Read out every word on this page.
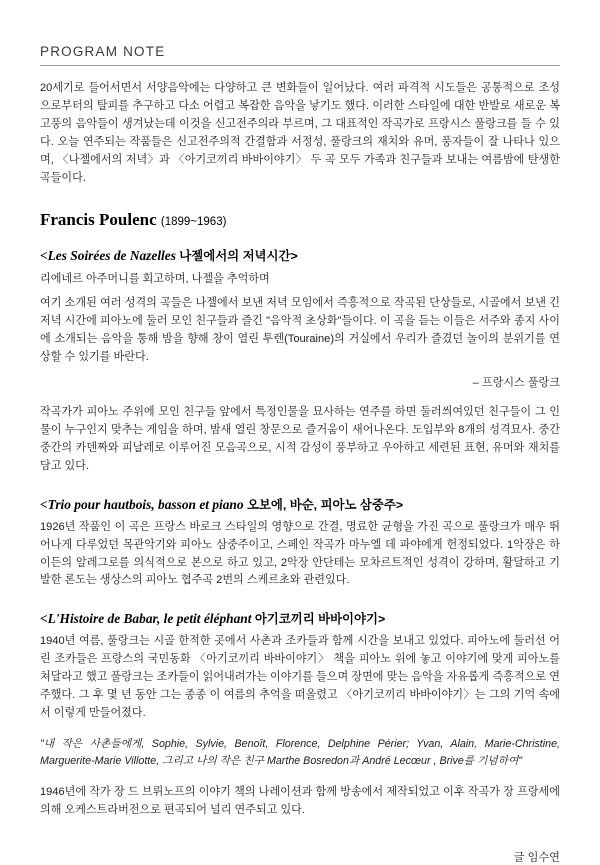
PROGRAM NOTE

20세기로 들어서면서 서양음악에는 다양하고 큰 변화들이 일어났다. 여러 파격적 시도들은 공통적으로 조성으로부터의 탈피를 추구하고 다소 어렵고 복잡한 음악을 낳기도 했다. 이러한 스타일에 대한 반발로 새로운 복고풍의 음악들이 생겨났는데 이것을 신고전주의라 부르며, 그 대표적인 작곡가로 프랑시스 풀랑크를 들 수 있다. 오늘 연주되는 작품들은 신고전주의적 간결함과 서정성, 풀랑크의 재치와 유머, 풍자들이 잘 나타나 있으며, 〈나젤에서의 저녁〉과 〈아기코끼리 바바이야기〉 두 곡 모두 가족과 친구들과 보내는 여름밤에 탄생한 곡들이다.

Francis Poulenc (1899~1963)
<Les Soirées de Nazelles 나젤에서의 저녁시간>
리에네르 아주머니를 회고하며, 나젤을 추억하며

여기 소개된 여러 성격의 곡들은 나젤에서 보낸 저녁 모임에서 즉흥적으로 작곡된 단상들로, 시골에서 보낸 긴 저녁 시간에 피아노에 둘러 모인 친구들과 즐긴 "음악적 초상화"들이다. 이 곡을 듣는 이들은 서주와 종지 사이에 소개되는 음악을 통해 밤을 향해 창이 열린 투렌(Touraine)의 거실에서 우리가 즐겼던 놀이의 분위기를 연상할 수 있기를 바란다.

– 프랑시스 풀랑크

작곡가가 피아노 주위에 모인 친구들 앞에서 특정인물을 묘사하는 연주를 하면 둘러씌여있던 친구들이 그 인물이 누구인지 맞추는 게임을 하며, 밤새 열린 창문으로 즐거움이 새어나온다. 도입부와 8개의 성격묘사. 중간중간의 카덴짜와 피날레로 이루어진 모음곡으로, 시적 감성이 풍부하고 우아하고 세련된 표현, 유머와 재치를 담고 있다.

<Trio pour hautbois, basson et piano 오보에, 바순, 피아노 삼중주>

1926년 작품인 이 곡은 프랑스 바로크 스타일의 영향으로 간결, 명료한 균형을 가진 곡으로 풀랑크가 매우 뛰어나게 다루었던 목관악기와 피아노 삼중주이고, 스페인 작곡가 마누엘 데 파야에게 헌정되었다. 1악장은 하이든의 알레그로를 의식적으로 본으로 하고 있고, 2악장 안단테는 모차르트적인 성격이 강하며, 활달하고 기발한 론도는 생상스의 피아노 협주곡 2번의 스케르초와 관련있다.

<L'Histoire de Babar, le petit éléphant 아기코끼리 바바이야기>

1940년 여름, 풀랑크는 시골 한적한 곳에서 사촌과 조카들과 함께 시간을 보내고 있었다. 피아노에 둘러선 어린 조카들은 프랑스의 국민동화 〈아기코끼리 바바이야기〉 책을 피아노 위에 놓고 이야기에 맞게 피아노를 쳐달라고 했고 풀랑크는 조카들이 읽어내려가는 이야기를 들으며 장면에 맞는 음악을 자유롭게 즉흥적으로 연주했다. 그 후 몇 년 동안 그는 종종 이 여름의 추억을 떠올렸고 〈아기코끼리 바바이야기〉는 그의 기억 속에서 이렇게 만들어졌다.

"내 작은 사촌들에게, Sophie, Sylvie, Benoît, Florence, Delphine Périer; Yvan, Alain, Marie-Christine, Marguerite-Marie Villotte, 그리고 나의 작은 친구 Marthe Bosredon과 André Lecœur , Brive를 기념하여"

1946년에 작가 장 드 브뤼노프의 이야기 책의 나레이션과 함께 방송에서 제작되었고 이후 작곡가 장 프랑세에 의해 오케스트라버전으로 편곡되어 널리 연주되고 있다.

글 임수연
